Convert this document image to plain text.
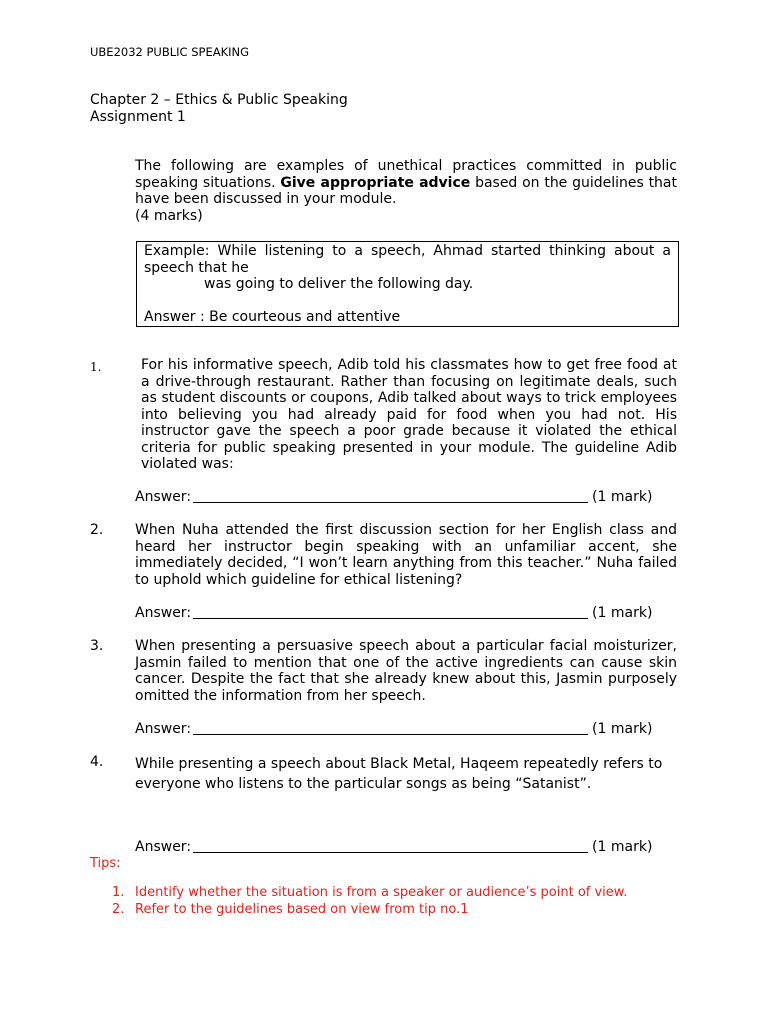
UBE2032 PUBLIC SPEAKING
Chapter 2 – Ethics & Public Speaking
Assignment 1
The following are examples of unethical practices committed in public speaking situations. Give appropriate advice based on the guidelines that have been discussed in your module.
(4 marks)
Example: While listening to a speech, Ahmad started thinking about a speech that he
was going to deliver the following day.
Answer : Be courteous and attentive
1.	For his informative speech, Adib told his classmates how to get free food at a drive-through restaurant. Rather than focusing on legitimate deals, such as student discounts or coupons, Adib talked about ways to trick employees into believing you had already paid for food when you had not. His instructor gave the speech a poor grade because it violated the ethical criteria for public speaking presented in your module. The guideline Adib violated was:
Answer:	(1 mark)
2. When Nuha attended the first discussion section for her English class and heard her instructor begin speaking with an unfamiliar accent, she immediately decided, “I won’t learn anything from this teacher.” Nuha failed to uphold which guideline for ethical listening?
Answer:	(1 mark)
3. When presenting a persuasive speech about a particular facial moisturizer, Jasmin failed to mention that one of the active ingredients can cause skin cancer. Despite the fact that she already knew about this, Jasmin purposely omitted the information from her speech.
Answer:	(1 mark)
4. While presenting a speech about Black Metal, Haqeem repeatedly refers to everyone who listens to the particular songs as being “Satanist”.
Answer:	(1 mark)
Tips:
1. Identify whether the situation is from a speaker or audience’s point of view.
2. Refer to the guidelines based on view from tip no.1
